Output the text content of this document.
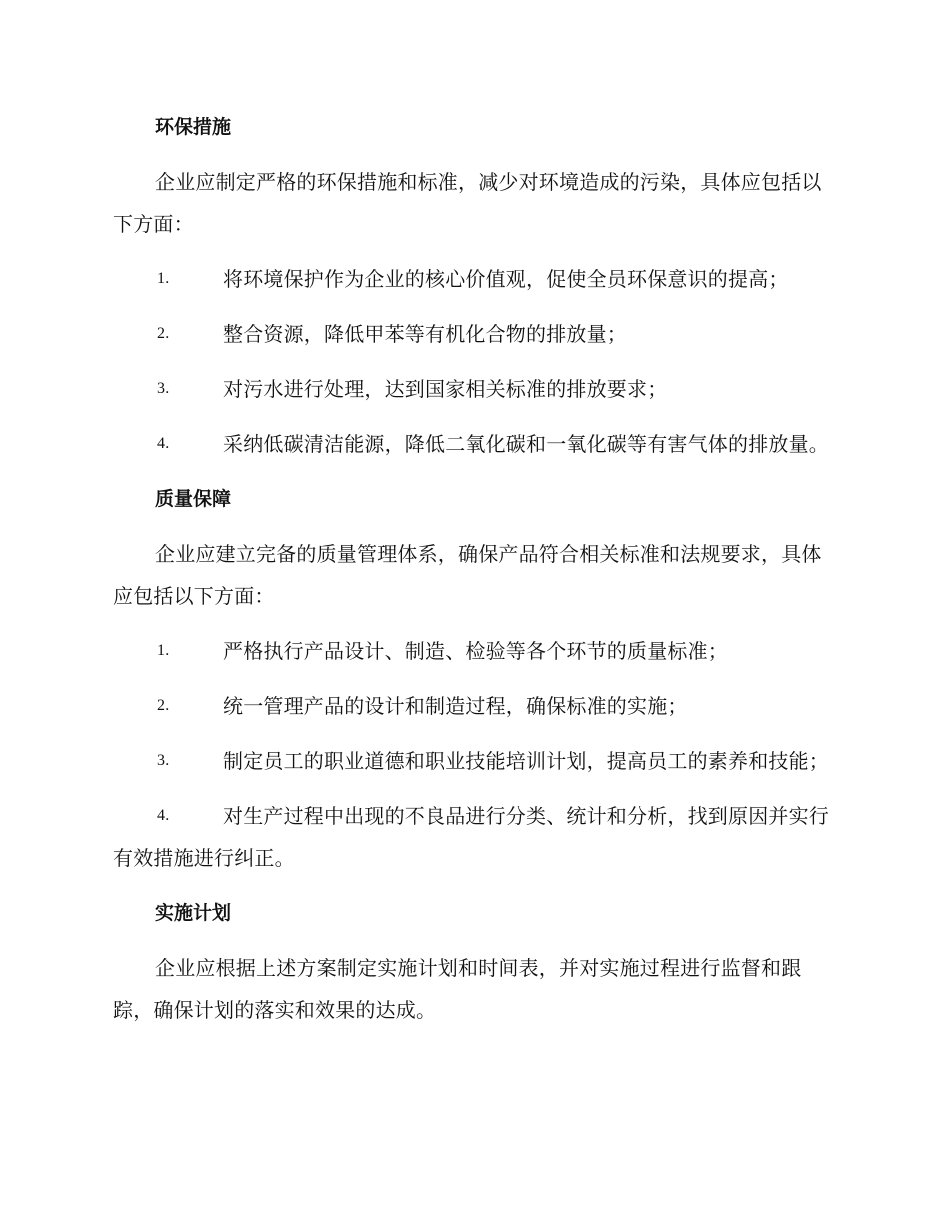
环保措施

企业应制定严格的环保措施和标准，减少对环境造成的污染，具体应包括以下方面：

1.	将环境保护作为企业的核心价值观，促使全员环保意识的提高；
2.	整合资源，降低甲苯等有机化合物的排放量；
3.	对污水进行处理，达到国家相关标准的排放要求；
4.	采纳低碳清洁能源，降低二氧化碳和一氧化碳等有害气体的排放量。
质量保障

企业应建立完备的质量管理体系，确保产品符合相关标准和法规要求，具体应包括以下方面：

1.	严格执行产品设计、制造、检验等各个环节的质量标准；
2.	统一管理产品的设计和制造过程，确保标准的实施；
3.	制定员工的职业道德和职业技能培训计划，提高员工的素养和技能；
4.	对生产过程中出现的不良品进行分类、统计和分析，找到原因并实行有效措施进行纠正。
实施计划

企业应根据上述方案制定实施计划和时间表，并对实施过程进行监督和跟踪，确保计划的落实和效果的达成。
